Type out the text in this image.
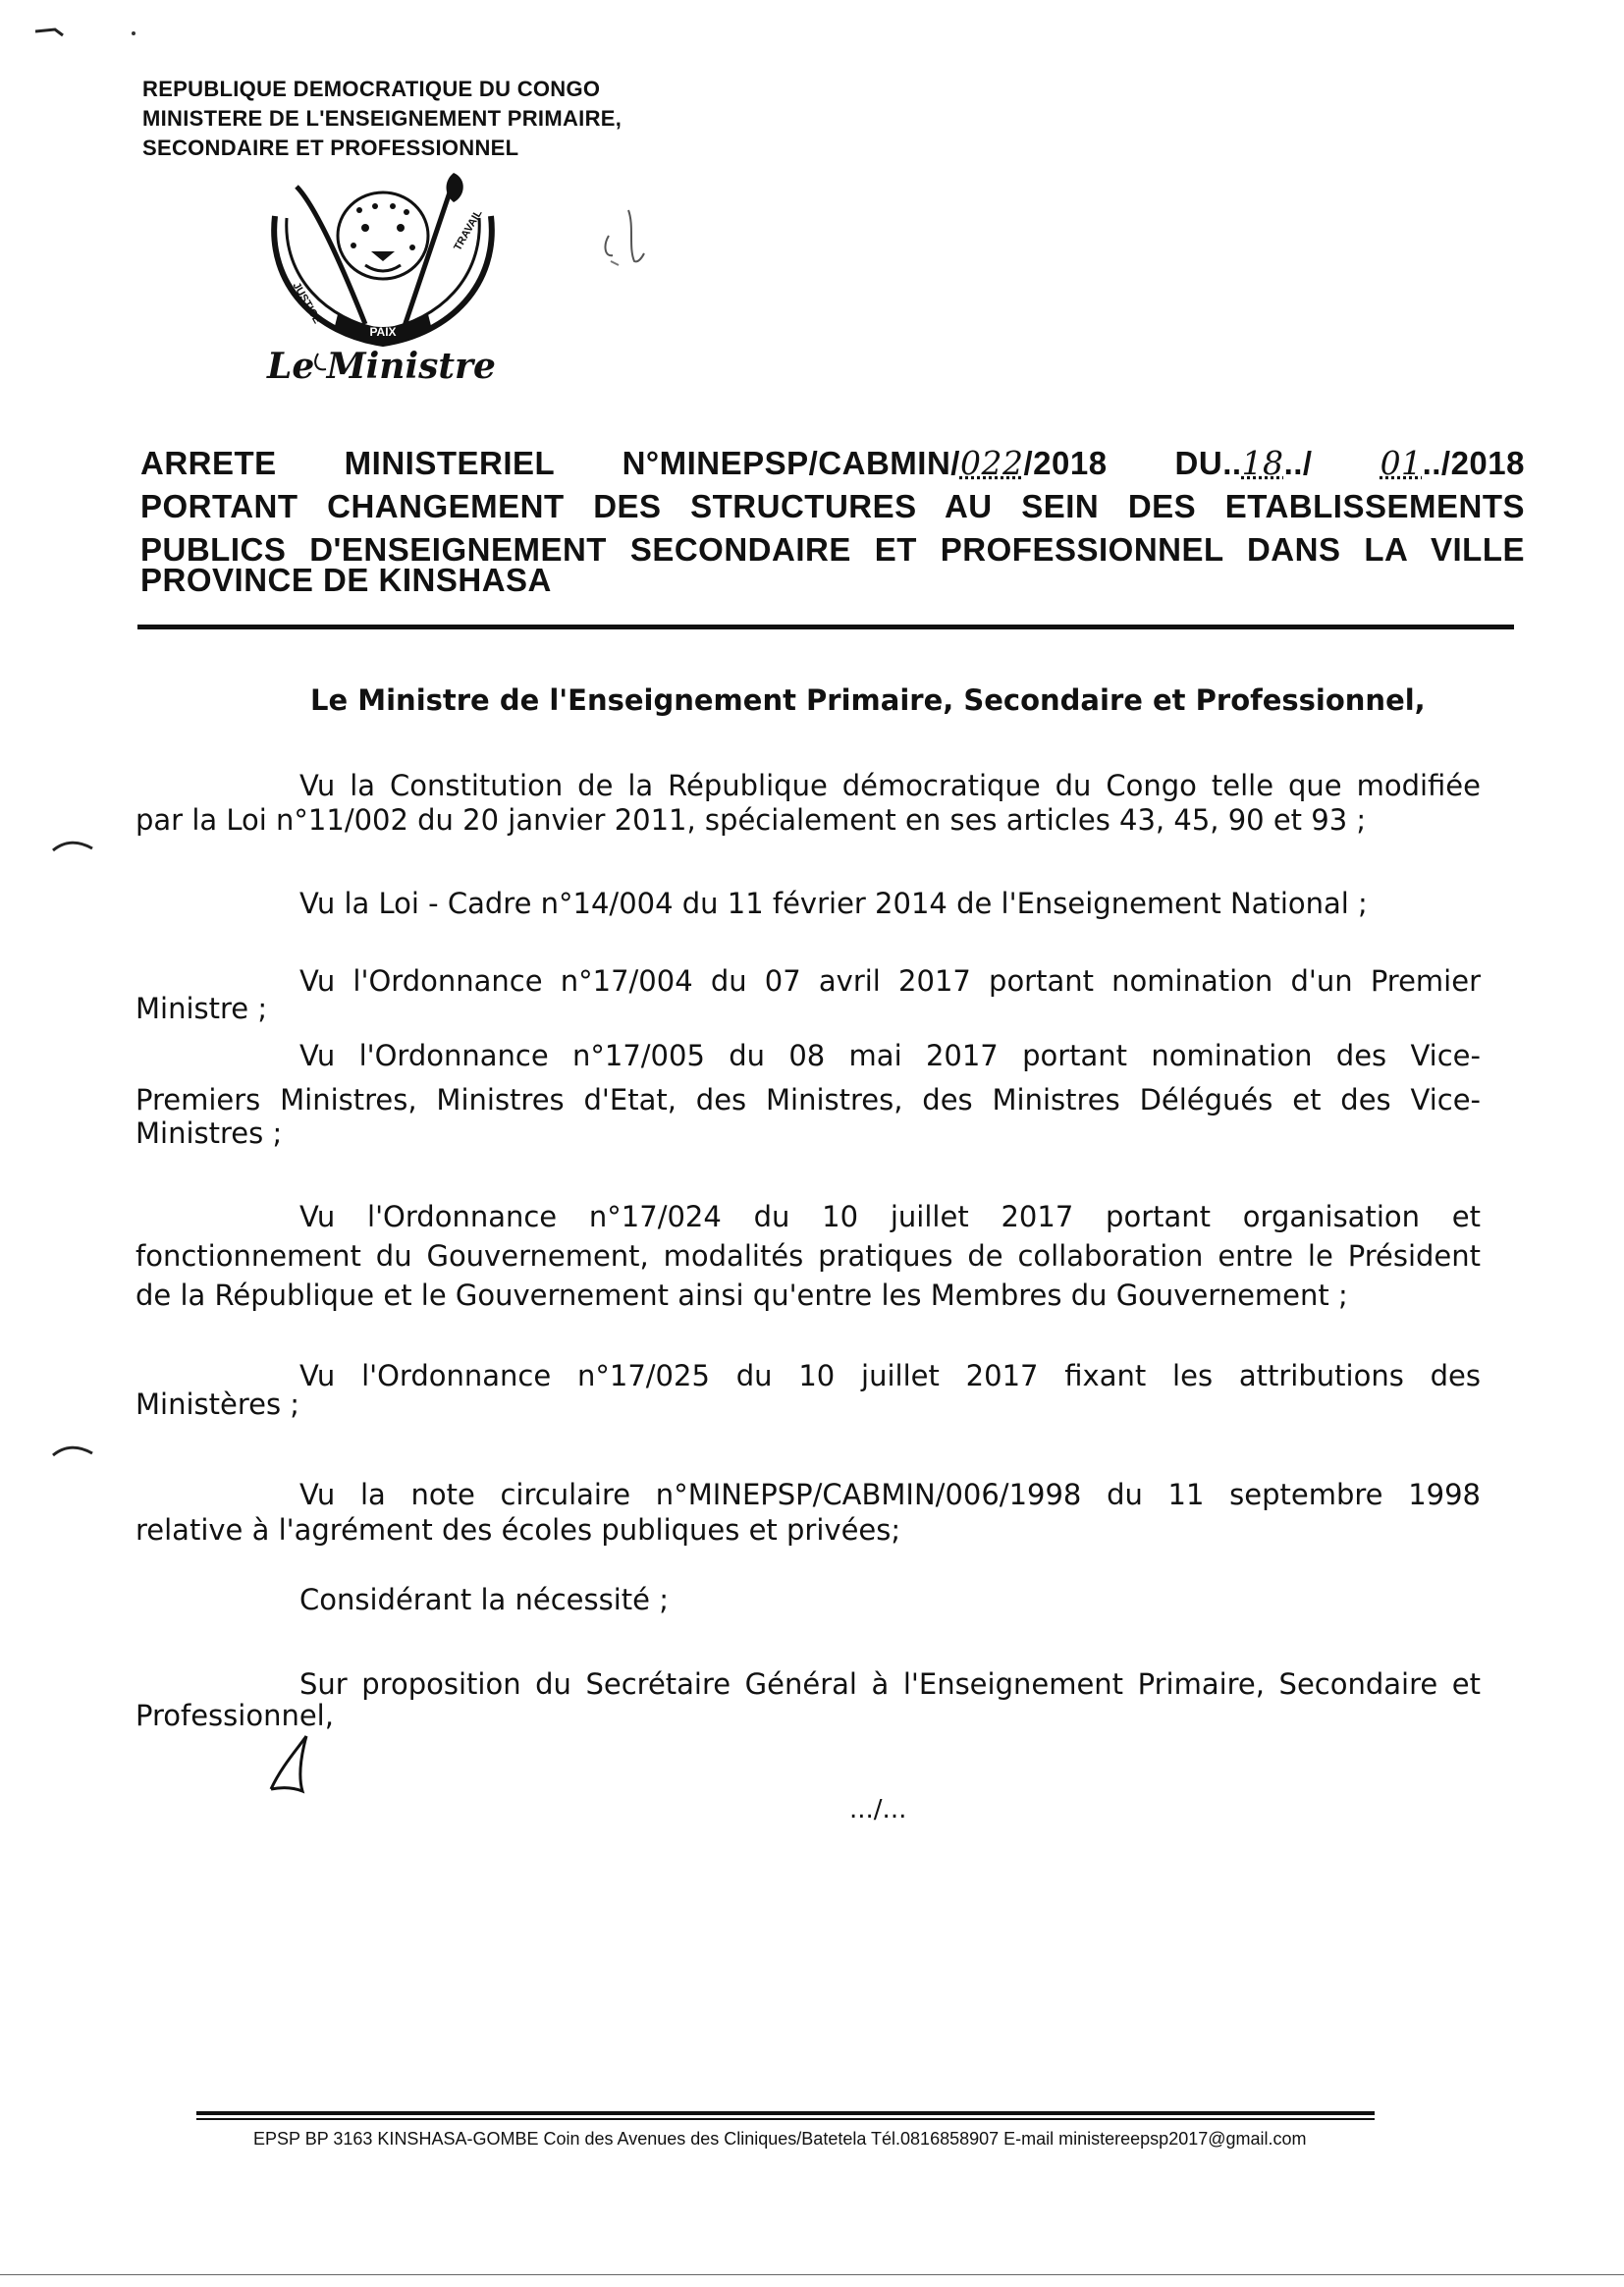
REPUBLIQUE DEMOCRATIQUE DU CONGO
MINISTERE DE L'ENSEIGNEMENT PRIMAIRE,
SECONDAIRE ET PROFESSIONNEL
PAIX
JUSTICE
TRAVAIL
Le Ministre
ARRETE MINISTERIEL N°MINEPSP/CABMIN/022/2018 DU..18../ 01../2018
PORTANT CHANGEMENT DES STRUCTURES AU SEIN DES ETABLISSEMENTS
PUBLICS D'ENSEIGNEMENT SECONDAIRE ET PROFESSIONNEL DANS LA VILLE
PROVINCE DE KINSHASA
Le Ministre de l'Enseignement Primaire, Secondaire et Professionnel,
Vu la Constitution de la République démocratique du Congo telle que modifiée
par la Loi n°11/002 du 20 janvier 2011, spécialement en ses articles 43, 45, 90 et 93 ;
Vu la Loi - Cadre n°14/004 du 11 février 2014 de l'Enseignement National ;
Vu l'Ordonnance n°17/004 du 07 avril 2017 portant nomination d'un Premier
Ministre ;
Vu l'Ordonnance n°17/005 du 08 mai 2017 portant nomination des Vice-
Premiers Ministres, Ministres d'Etat, des Ministres, des Ministres Délégués et des Vice-
Ministres ;
Vu l'Ordonnance n°17/024 du 10 juillet 2017 portant organisation et
fonctionnement du Gouvernement, modalités pratiques de collaboration entre le Président
de la République et le Gouvernement ainsi qu'entre les Membres du Gouvernement ;
Vu l'Ordonnance n°17/025 du 10 juillet 2017 fixant les attributions des
Ministères ;
Vu la note circulaire n°MINEPSP/CABMIN/006/1998 du 11 septembre 1998
relative à l'agrément des écoles publiques et privées;
Considérant la nécessité ;
Sur proposition du Secrétaire Général à l'Enseignement Primaire, Secondaire et
Professionnel,
.../...
EPSP BP 3163 KINSHASA-GOMBE Coin des Avenues des Cliniques/Batetela Tél.0816858907 E-mail ministereepsp2017@gmail.com
